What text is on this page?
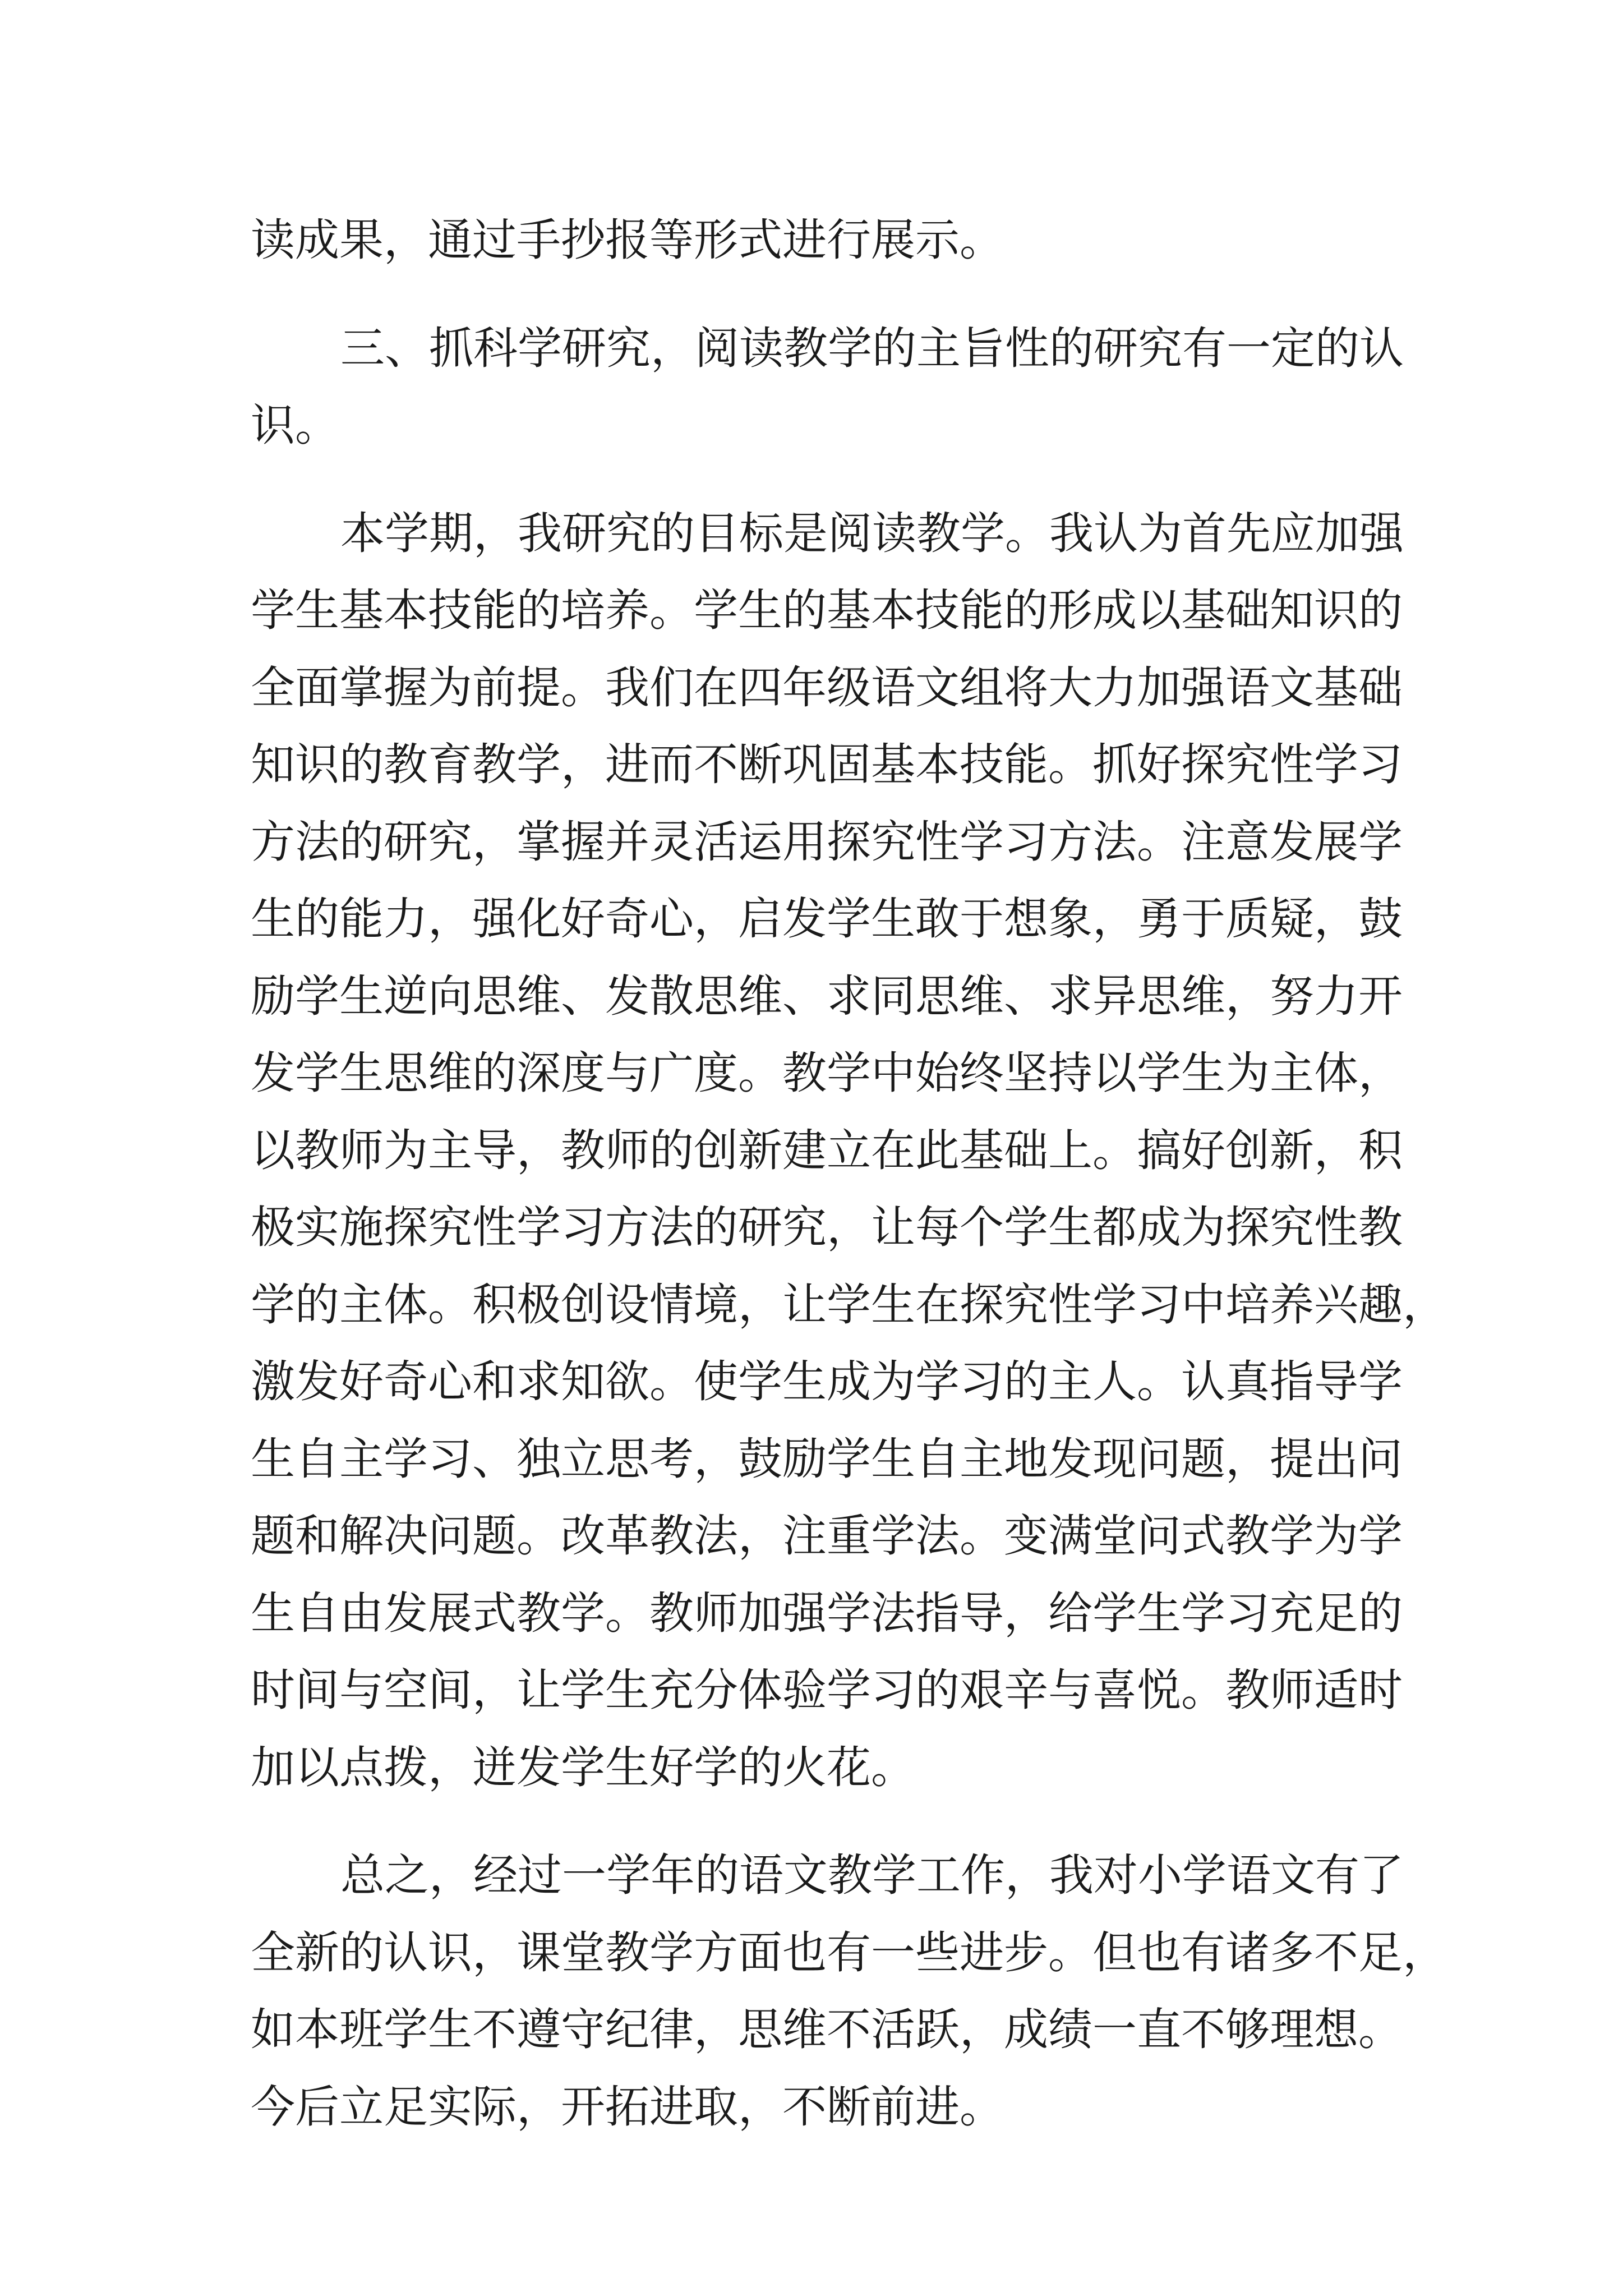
读成果，通过手抄报等形式进行展示。
三、抓科学研究，阅读教学的主旨性的研究有一定的认
识。
本学期，我研究的目标是阅读教学。我认为首先应加强
学生基本技能的培养。学生的基本技能的形成以基础知识的
全面掌握为前提。我们在四年级语文组将大力加强语文基础
知识的教育教学，进而不断巩固基本技能。抓好探究性学习
方法的研究，掌握并灵活运用探究性学习方法。注意发展学
生的能力，强化好奇心，启发学生敢于想象，勇于质疑，鼓
励学生逆向思维、发散思维、求同思维、求异思维，努力开
发学生思维的深度与广度。教学中始终坚持以学生为主体，
以教师为主导，教师的创新建立在此基础上。搞好创新，积
极实施探究性学习方法的研究，让每个学生都成为探究性教
学的主体。积极创设情境，让学生在探究性学习中培养兴趣，
激发好奇心和求知欲。使学生成为学习的主人。认真指导学
生自主学习、独立思考，鼓励学生自主地发现问题，提出问
题和解决问题。改革教法，注重学法。变满堂问式教学为学
生自由发展式教学。教师加强学法指导，给学生学习充足的
时间与空间，让学生充分体验学习的艰辛与喜悦。教师适时
加以点拨，迸发学生好学的火花。
总之，经过一学年的语文教学工作，我对小学语文有了
全新的认识，课堂教学方面也有一些进步。但也有诸多不足，
如本班学生不遵守纪律，思维不活跃，成绩一直不够理想。
今后立足实际，开拓进取，不断前进。
